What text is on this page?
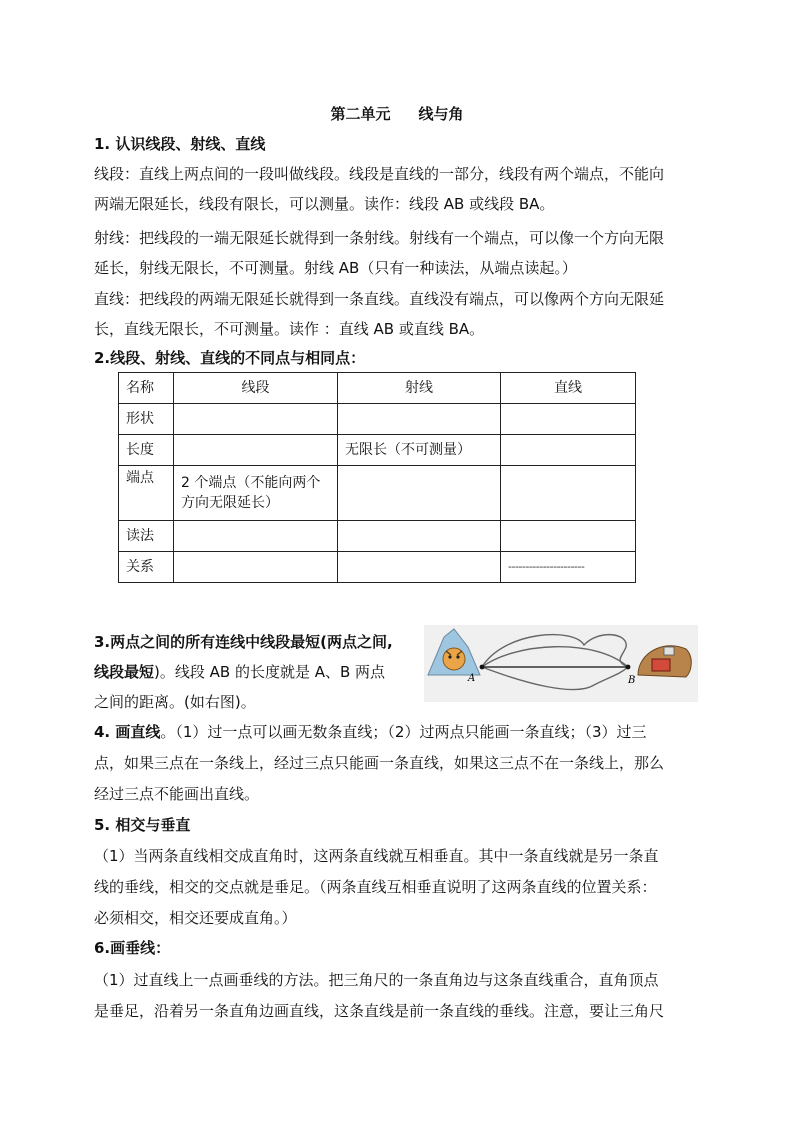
第二单元 线与角
1. 认识线段、射线、直线
线段：直线上两点间的一段叫做线段。线段是直线的一部分，线段有两个端点，不能向
两端无限延长，线段有限长，可以测量。读作：线段 AB 或线段 BA。
射线：把线段的一端无限延长就得到一条射线。射线有一个端点，可以像一个方向无限
延长，射线无限长，不可测量。射线 AB（只有一种读法，从端点读起。）
直线：把线段的两端无限延长就得到一条直线。直线没有端点，可以像两个方向无限延
长，直线无限长，不可测量。读作 ：直线 AB 或直线 BA。
2.线段、射线、直线的不同点与相同点：
名称	线段	射线	直线
形状			
长度		无限长（不可测量）	
端点	2 个端点（不能向两个
方向无限延长）		

读法			
关系			----------------------
3.两点之间的所有连线中线段最短(两点之间,
线段最短)。线段 AB 的长度就是 A、B 两点
之间的距离。(如右图)。
A	B
4. 画直线。（1）过一点可以画无数条直线；（2）过两点只能画一条直线；（3）过三
点，如果三点在一条线上，经过三点只能画一条直线，如果这三点不在一条线上，那么
经过三点不能画出直线。
5. 相交与垂直
（1）当两条直线相交成直角时，这两条直线就互相垂直。其中一条直线就是另一条直
线的垂线，相交的交点就是垂足。（两条直线互相垂直说明了这两条直线的位置关系：
必须相交，相交还要成直角。）
6.画垂线：
（1）过直线上一点画垂线的方法。把三角尺的一条直角边与这条直线重合，直角顶点
是垂足，沿着另一条直角边画直线，这条直线是前一条直线的垂线。注意，要让三角尺
